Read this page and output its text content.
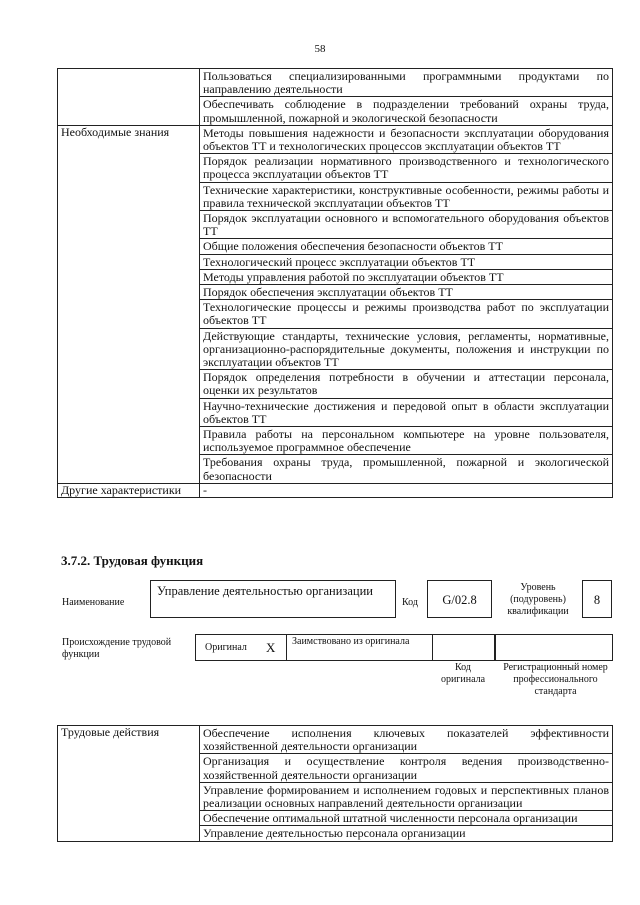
58
	Пользоваться специализированными программными продуктами по направлению деятельности
	Обеспечивать соблюдение в подразделении требований охраны труда, промышленной, пожарной и экологической безопасности
Необходимые знания	Методы повышения надежности и безопасности эксплуатации оборудования объектов ТТ и технологических процессов эксплуатации объектов ТТ
	Порядок реализации нормативного производственного и технологического процесса эксплуатации объектов ТТ
	Технические характеристики, конструктивные особенности, режимы работы и правила технической эксплуатации объектов ТТ
	Порядок эксплуатации основного и вспомогательного оборудования объектов ТТ
	Общие положения обеспечения безопасности объектов ТТ
	Технологический процесс эксплуатации объектов ТТ
	Методы управления работой по эксплуатации объектов ТТ
	Порядок обеспечения эксплуатации объектов ТТ
	Технологические процессы и режимы производства работ по эксплуатации объектов ТТ
	Действующие стандарты, технические условия, регламенты, нормативные, организационно-распорядительные документы, положения и инструкции по эксплуатации объектов ТТ
	Порядок определения потребности в обучении и аттестации персонала, оценки их результатов
	Научно-технические достижения и передовой опыт в области эксплуатации объектов ТТ
	Правила работы на персональном компьютере на уровне пользователя, используемое программное обеспечение
	Требования охраны труда, промышленной, пожарной и экологической безопасности
Другие характеристики	-
3.7.2. Трудовая функция
Наименование
Управление деятельностью организации
Код	G/02.8
Уровень (подуровень) квалификации
8
Происхождение трудовой функции
Оригинал X Заимствовано из оригинала
Код оригинала
Регистрационный номер профессионального стандарта
Трудовые действия	Обеспечение исполнения ключевых показателей эффективности хозяйственной деятельности организации
Организация и осуществление контроля ведения производственно-хозяйственной деятельности организации
Управление формированием и исполнением годовых и перспективных планов реализации основных направлений деятельности организации
Обеспечение оптимальной штатной численности персонала организации
Управление деятельностью персонала организации
